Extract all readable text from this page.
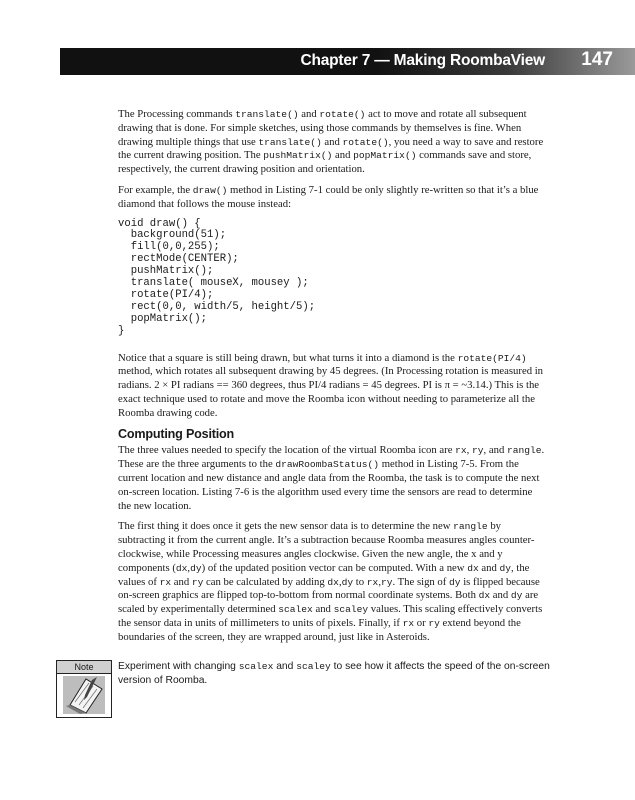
Chapter 7 — Making RoombaView 147

The Processing commands translate() and rotate() act to move and rotate all subsequent drawing that is done. For simple sketches, using those commands by themselves is fine. When drawing multiple things that use translate() and rotate(), you need a way to save and restore the current drawing position. The pushMatrix() and popMatrix() commands save and store, respectively, the current drawing position and orientation.

For example, the draw() method in Listing 7-1 could be only slightly re-written so that it’s a blue diamond that follows the mouse instead:

void draw() {
background(51);
fill(0,0,255);
rectMode(CENTER);
pushMatrix();
translate( mouseX, mousey );
rotate(PI/4);
rect(0,0, width/5, height/5);
popMatrix();
}

Notice that a square is still being drawn, but what turns it into a diamond is the rotate(PI/4) method, which rotates all subsequent drawing by 45 degrees. (In Processing rotation is measured in radians. 2 × PI radians == 360 degrees, thus PI/4 radians = 45 degrees. PI is π = ~3.14.) This is the exact technique used to rotate and move the Roomba icon without needing to parameterize all the Roomba drawing code.

Computing Position

The three values needed to specify the location of the virtual Roomba icon are rx, ry, and rangle. These are the three arguments to the drawRoombaStatus() method in Listing 7-5. From the current location and new distance and angle data from the Roomba, the task is to compute the next on-screen location. Listing 7-6 is the algorithm used every time the sensors are read to determine the new location.

The first thing it does once it gets the new sensor data is to determine the new rangle by subtracting it from the current angle. It’s a subtraction because Roomba measures angles counter-clockwise, while Processing measures angles clockwise. Given the new angle, the x and y components (dx,dy) of the updated position vector can be computed. With a new dx and dy, the values of rx and ry can be calculated by adding dx,dy to rx,ry. The sign of dy is flipped because on-screen graphics are flipped top-to-bottom from normal coordinate systems. Both dx and dy are scaled by experimentally determined scalex and scaley values. This scaling effectively converts the sensor data in units of millimeters to units of pixels. Finally, if rx or ry extend beyond the boundaries of the screen, they are wrapped around, just like in Asteroids.

Note	Experiment with changing scalex and scaley to see how it affects the speed of the on-screen version of Roomba.
